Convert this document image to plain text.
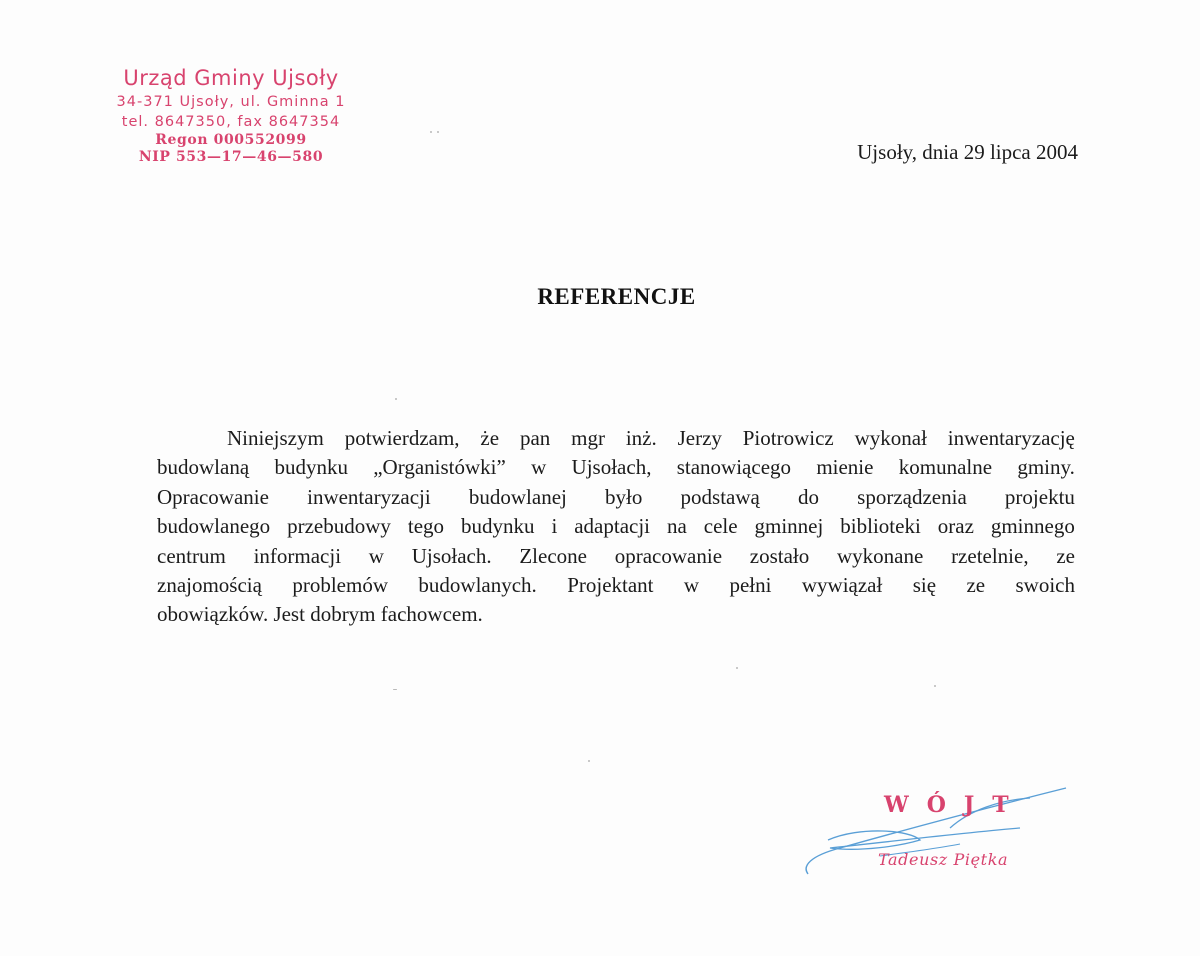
Urząd Gminy Ujsoły
34-371 Ujsoły, ul. Gminna 1
tel. 8647350, fax 8647354
Regon 000552099
NIP 553—17—46—580	Ujsoły, dnia 29 lipca 2004
REFERENCJE
Niniejszym potwierdzam, że pan mgr inż. Jerzy Piotrowicz wykonał inwentaryzację
budowlaną budynku „Organistówki” w Ujsołach, stanowiącego mienie komunalne gminy.
Opracowanie inwentaryzacji budowlanej było podstawą do sporządzenia projektu
budowlanego przebudowy tego budynku i adaptacji na cele gminnej biblioteki oraz gminnego
centrum informacji w Ujsołach. Zlecone opracowanie zostało wykonane rzetelnie, ze
znajomością problemów budowlanych. Projektant w pełni wywiązał się ze swoich
obowiązków. Jest dobrym fachowcem.
WÓJT
Tadeusz Piętka
